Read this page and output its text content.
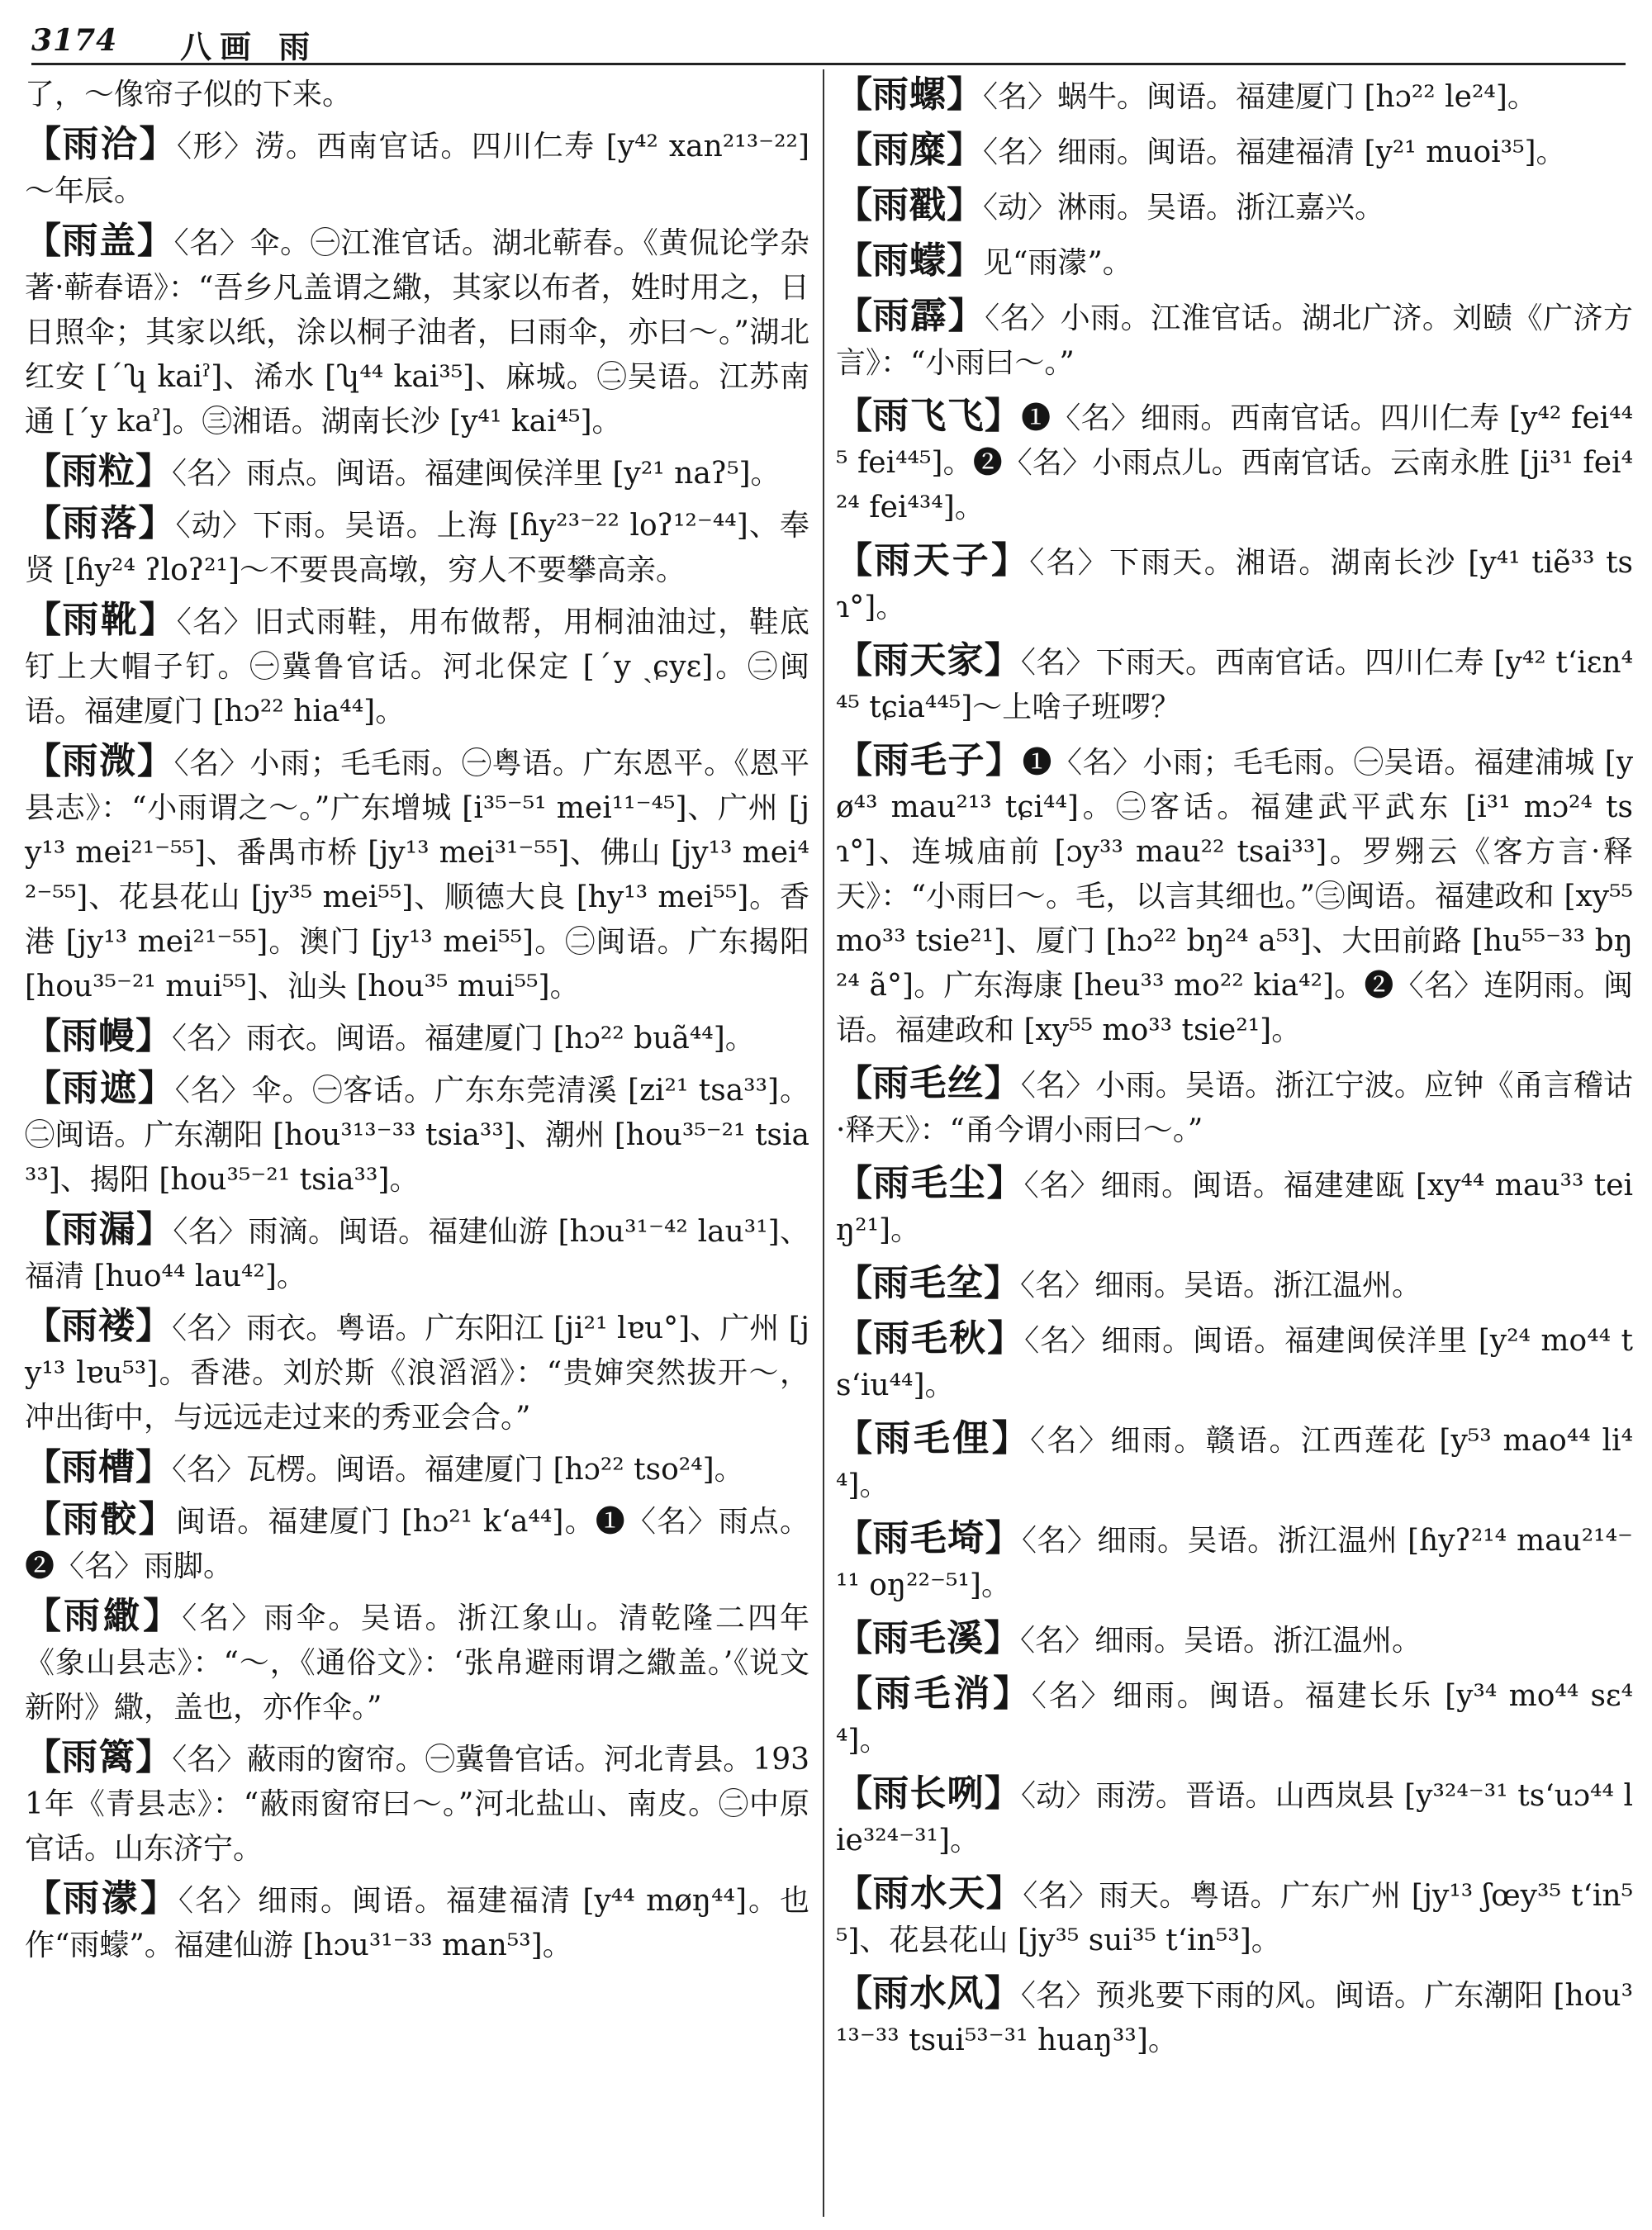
3174 八画 雨
了，～像帘子似的下来。
【雨洽】〈形〉涝。西南官话。四川仁寿 [y⁴² xan²¹³⁻²²] ～年辰。
【雨盖】〈名〉伞。㊀江淮官话。湖北蕲春。《黄侃论学杂著·蕲春语》：“吾乡凡盖谓之繖，其家以布者，姓时用之，日日照伞；其家以纸，涂以桐子油者，曰雨伞，亦曰～。”湖北红安 [ˊʮ kaiˀ]、浠水 [ʮ⁴⁴ kai³⁵]、麻城。㊁吴语。江苏南通 [ˊy kaˀ]。㊂湘语。湖南长沙 [y⁴¹ kai⁴⁵]。
【雨粒】〈名〉雨点。闽语。福建闽侯洋里 [y²¹ naʔ⁵]。
【雨落】〈动〉下雨。吴语。上海 [ɦy²³⁻²² loʔ¹²⁻⁴⁴]、奉贤 [ɦy²⁴ ʔloʔ²¹]～不要畏高墩，穷人不要攀高亲。
【雨靴】〈名〉旧式雨鞋，用布做帮，用桐油油过，鞋底钉上大帽子钉。㊀冀鲁官话。河北保定 [ˊy ˏɕyɛ]。㊁闽语。福建厦门 [hɔ²² hia⁴⁴]。
【雨溦】〈名〉小雨；毛毛雨。㊀粤语。广东恩平。《恩平县志》：“小雨谓之～。”广东增城 [i³⁵⁻⁵¹ mei¹¹⁻⁴⁵]、广州 [jy¹³ mei²¹⁻⁵⁵]、番禺市桥 [jy¹³ mei³¹⁻⁵⁵]、佛山 [jy¹³ mei⁴²⁻⁵⁵]、花县花山 [jy³⁵ mei⁵⁵]、顺德大良 [hy¹³ mei⁵⁵]。香港 [jy¹³ mei²¹⁻⁵⁵]。澳门 [jy¹³ mei⁵⁵]。㊁闽语。广东揭阳 [hou³⁵⁻²¹ mui⁵⁵]、汕头 [hou³⁵ mui⁵⁵]。
【雨幔】〈名〉雨衣。闽语。福建厦门 [hɔ²² buã⁴⁴]。
【雨遮】〈名〉伞。㊀客话。广东东莞清溪 [zi²¹ tsa³³]。㊁闽语。广东潮阳 [hou³¹³⁻³³ tsia³³]、潮州 [hou³⁵⁻²¹ tsia³³]、揭阳 [hou³⁵⁻²¹ tsia³³]。
【雨漏】〈名〉雨滴。闽语。福建仙游 [hɔu³¹⁻⁴² lau³¹]、福清 [huo⁴⁴ lau⁴²]。
【雨褛】〈名〉雨衣。粤语。广东阳江 [ji²¹ lɐu°]、广州 [jy¹³ lɐu⁵³]。香港。刘於斯《浪滔滔》：“贵婶突然拔开～，冲出街中，与远远走过来的秀亚会合。”
【雨槽】〈名〉瓦楞。闽语。福建厦门 [hɔ²² tso²⁴]。
【雨骹】闽语。福建厦门 [hɔ²¹ k‘a⁴⁴]。❶〈名〉雨点。❷〈名〉雨脚。
【雨繖】〈名〉雨伞。吴语。浙江象山。清乾隆二四年《象山县志》：“～，《通俗文》：‘张帛避雨谓之繖盖。’《说文新附》繖，盖也，亦作伞。”
【雨篱】〈名〉蔽雨的窗帘。㊀冀鲁官话。河北青县。1931年《青县志》：“蔽雨窗帘曰～。”河北盐山、南皮。㊁中原官话。山东济宁。
【雨濛】〈名〉细雨。闽语。福建福清 [y⁴⁴ møŋ⁴⁴]。也作“雨蠓”。福建仙游 [hɔu³¹⁻³³ man⁵³]。
【雨螺】〈名〉蜗牛。闽语。福建厦门 [hɔ²² le²⁴]。
【雨糜】〈名〉细雨。闽语。福建福清 [y²¹ muoi³⁵]。
【雨戳】〈动〉淋雨。吴语。浙江嘉兴。
【雨蠓】见“雨濛”。
【雨霹】〈名〉小雨。江淮官话。湖北广济。刘赜《广济方言》：“小雨曰～。”
【雨飞飞】❶〈名〉细雨。西南官话。四川仁寿 [y⁴² fei⁴⁴⁵ fei⁴⁴⁵]。❷〈名〉小雨点儿。西南官话。云南永胜 [ji³¹ fei⁴²⁴ fei⁴³⁴]。
【雨天子】〈名〉下雨天。湘语。湖南长沙 [y⁴¹ tiẽ³³ tsɿ°]。
【雨天家】〈名〉下雨天。西南官话。四川仁寿 [y⁴² t‘iɛn⁴⁴⁵ tɕia⁴⁴⁵]～上啥子班啰？
【雨毛子】❶〈名〉小雨；毛毛雨。㊀吴语。福建浦城 [yø⁴³ mau²¹³ tɕi⁴⁴]。㊁客话。福建武平武东 [i³¹ mɔ²⁴ tsɿ°]、连城庙前 [ɔy³³ mau²² tsai³³]。罗翙云《客方言·释天》：“小雨曰～。毛，以言其细也。”㊂闽语。福建政和 [xy⁵⁵ mo³³ tsie²¹]、厦门 [hɔ²² bŋ²⁴ a⁵³]、大田前路 [hu⁵⁵⁻³³ bŋ²⁴ ã°]。广东海康 [heu³³ mo²² kia⁴²]。❷〈名〉连阴雨。闽语。福建政和 [xy⁵⁵ mo³³ tsie²¹]。
【雨毛丝】〈名〉小雨。吴语。浙江宁波。应钟《甬言稽诂·释天》：“甬今谓小雨曰～。”
【雨毛尘】〈名〉细雨。闽语。福建建瓯 [xy⁴⁴ mau³³ teiŋ²¹]。
【雨毛坌】〈名〉细雨。吴语。浙江温州。
【雨毛秋】〈名〉细雨。闽语。福建闽侯洋里 [y²⁴ mo⁴⁴ ts‘iu⁴⁴]。
【雨毛俚】〈名〉细雨。赣语。江西莲花 [y⁵³ mao⁴⁴ li⁴⁴]。
【雨毛埼】〈名〉细雨。吴语。浙江温州 [ɦyʔ²¹⁴ mau²¹⁴⁻¹¹ oŋ²²⁻⁵¹]。
【雨毛溪】〈名〉细雨。吴语。浙江温州。
【雨毛消】〈名〉细雨。闽语。福建长乐 [y³⁴ mo⁴⁴ sɛ⁴⁴]。
【雨长咧】〈动〉雨涝。晋语。山西岚县 [y³²⁴⁻³¹ ts‘uɔ⁴⁴ lie³²⁴⁻³¹]。
【雨水天】〈名〉雨天。粤语。广东广州 [jy¹³ ʃœy³⁵ t‘in⁵⁵]、花县花山 [jy³⁵ sui³⁵ t‘in⁵³]。
【雨水风】〈名〉预兆要下雨的风。闽语。广东潮阳 [hou³¹³⁻³³ tsui⁵³⁻³¹ huaŋ³³]。
